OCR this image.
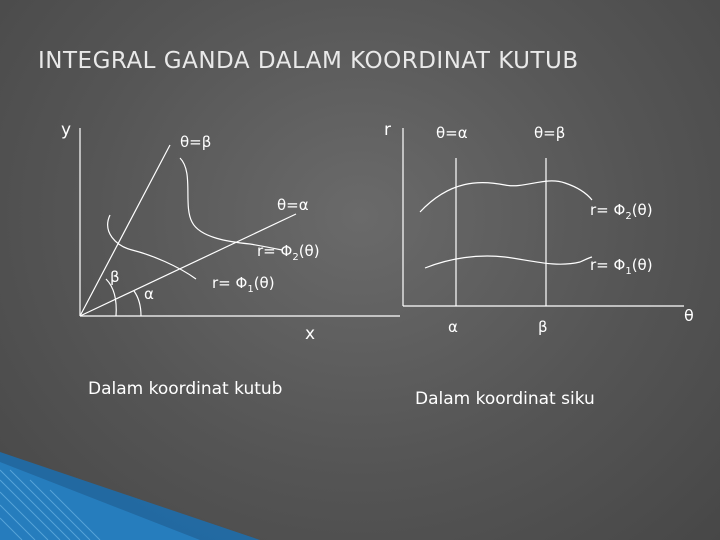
INTEGRAL GANDA DALAM KOORDINAT KUTUB
y
θ=β
θ=α
$r= \Phi_2(\theta)$
$r= \Phi_1(\theta)$
β
α
x
Dalam koordinat kutub
r	θ=α	θ=β
$r= \Phi_2(\theta)$
$r= \Phi_1(\theta)$
θ
α	β
Dalam koordinat siku
